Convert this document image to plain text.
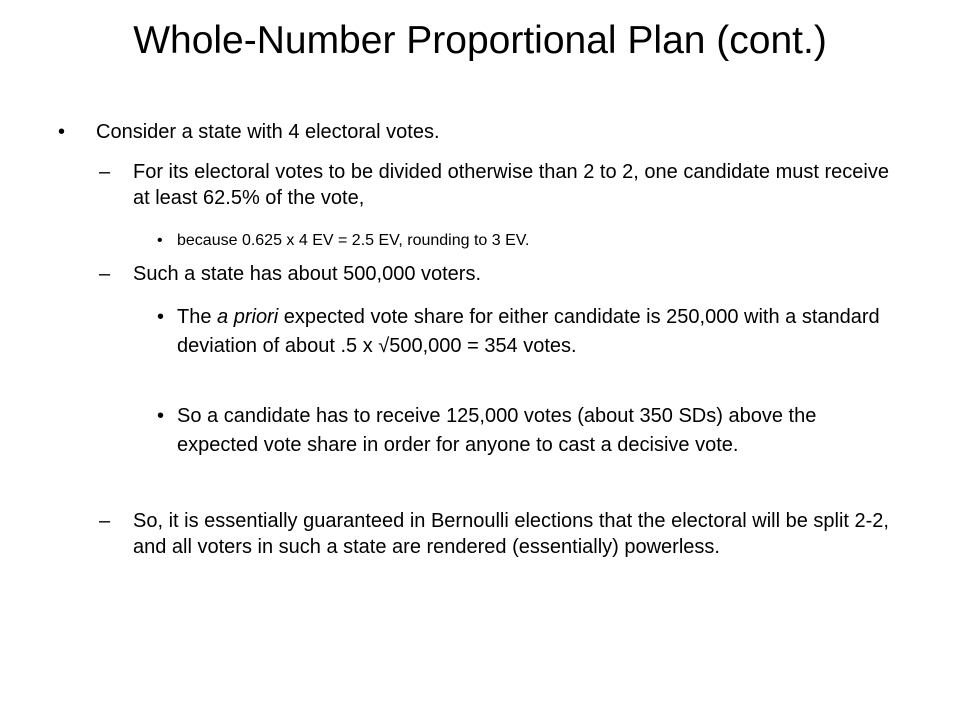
Whole-Number Proportional Plan (cont.)
•	Consider a state with 4 electoral votes.
–	For its electoral votes to be divided otherwise than 2 to 2, one candidate must receive at least 62.5% of the vote,
• because 0.625 x 4 EV = 2.5 EV, rounding to 3 EV.
–	Such a state has about 500,000 voters.
• The a priori expected vote share for either candidate is 250,000 with a standard deviation of about .5 x √500,000 = 354 votes.
• So a candidate has to receive 125,000 votes (about 350 SDs) above the expected vote share in order for anyone to cast a decisive vote.
–	So, it is essentially guaranteed in Bernoulli elections that the electoral will be split 2-2, and all voters in such a state are rendered (essentially) powerless.
